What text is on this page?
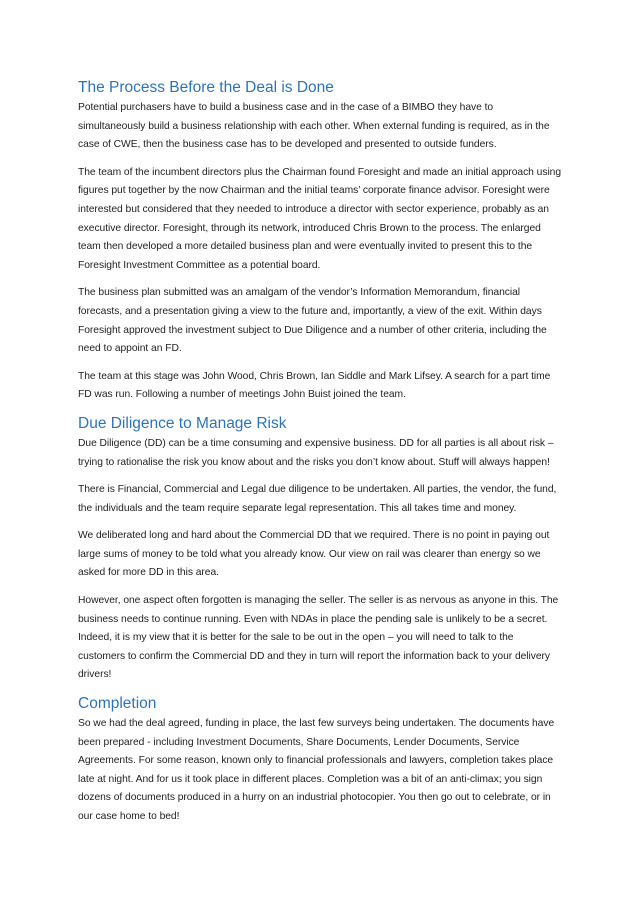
The Process Before the Deal is Done

Potential purchasers have to build a business case and in the case of a BIMBO they have to simultaneously build a business relationship with each other. When external funding is required, as in the case of CWE, then the business case has to be developed and presented to outside funders.

The team of the incumbent directors plus the Chairman found Foresight and made an initial approach using figures put together by the now Chairman and the initial teams’ corporate finance advisor. Foresight were interested but considered that they needed to introduce a director with sector experience, probably as an executive director. Foresight, through its network, introduced Chris Brown to the process. The enlarged team then developed a more detailed business plan and were eventually invited to present this to the Foresight Investment Committee as a potential board.

The business plan submitted was an amalgam of the vendor’s Information Memorandum, financial forecasts, and a presentation giving a view to the future and, importantly, a view of the exit. Within days Foresight approved the investment subject to Due Diligence and a number of other criteria, including the need to appoint an FD.

The team at this stage was John Wood, Chris Brown, Ian Siddle and Mark Lifsey. A search for a part time FD was run. Following a number of meetings John Buist joined the team.

Due Diligence to Manage Risk

Due Diligence (DD) can be a time consuming and expensive business. DD for all parties is all about risk – trying to rationalise the risk you know about and the risks you don’t know about. Stuff will always happen!

There is Financial, Commercial and Legal due diligence to be undertaken. All parties, the vendor, the fund, the individuals and the team require separate legal representation. This all takes time and money.

We deliberated long and hard about the Commercial DD that we required. There is no point in paying out large sums of money to be told what you already know. Our view on rail was clearer than energy so we asked for more DD in this area.

However, one aspect often forgotten is managing the seller. The seller is as nervous as anyone in this. The business needs to continue running. Even with NDAs in place the pending sale is unlikely to be a secret. Indeed, it is my view that it is better for the sale to be out in the open – you will need to talk to the customers to confirm the Commercial DD and they in turn will report the information back to your delivery drivers!

Completion

So we had the deal agreed, funding in place, the last few surveys being undertaken. The documents have been prepared - including Investment Documents, Share Documents, Lender Documents, Service Agreements. For some reason, known only to financial professionals and lawyers, completion takes place late at night. And for us it took place in different places. Completion was a bit of an anti-climax; you sign dozens of documents produced in a hurry on an industrial photocopier. You then go out to celebrate, or in our case home to bed!
